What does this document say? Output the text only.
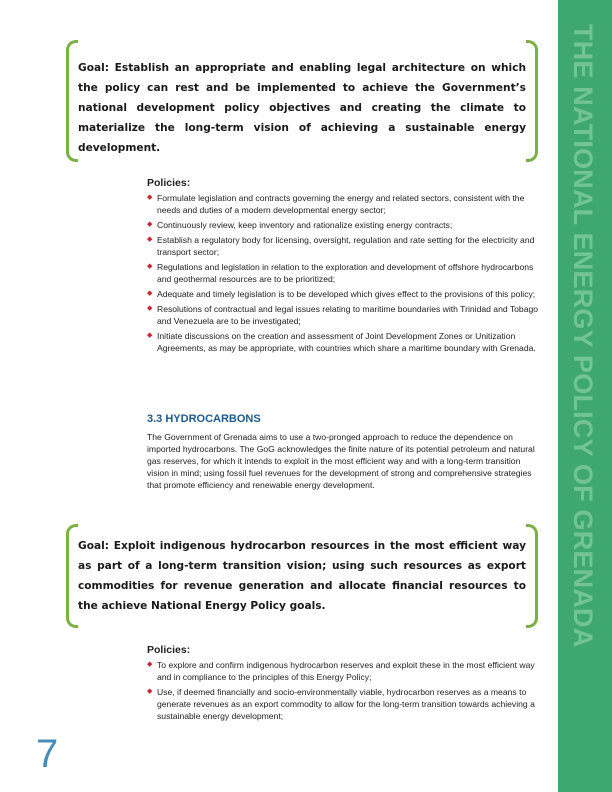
THE NATIONAL ENERGY POLICY OF GRENADA

Goal: Establish an appropriate and enabling legal architecture on which the policy can rest and be implemented to achieve the Government’s national development policy objectives and creating the climate to materialize the long-term vision of achieving a sustainable energy development.

Policies:
◆ Formulate legislation and contracts governing the energy and related sectors, consistent with the needs and duties of a modern developmental energy sector;
◆ Continuously review, keep inventory and rationalize existing energy contracts;
◆ Establish a regulatory body for licensing, oversight, regulation and rate setting for the electricity and transport sector;
◆ Regulations and legislation in relation to the exploration and development of offshore hydrocarbons and geothermal resources are to be prioritized;
◆ Adequate and timely legislation is to be developed which gives effect to the provisions of this policy;
◆ Resolutions of contractual and legal issues relating to maritime boundaries with Trinidad and Tobago and Venezuela are to be investigated;
◆ Initiate discussions on the creation and assessment of Joint Development Zones or Unitization Agreements, as may be appropriate, with countries which share a maritime boundary with Grenada.
3.3 HYDROCARBONS

The Government of Grenada aims to use a two-pronged approach to reduce the dependence on imported hydrocarbons. The GoG acknowledges the finite nature of its potential petroleum and natural gas reserves, for which it intends to exploit in the most efficient way and with a long-term transition vision in mind; using fossil fuel revenues for the development of strong and comprehensive strategies that promote efficiency and renewable energy development.

Goal: Exploit indigenous hydrocarbon resources in the most efficient way as part of a long-term transition vision; using such resources as export commodities for revenue generation and allocate financial resources to the achieve National Energy Policy goals.

Policies:
◆ To explore and confirm indigenous hydrocarbon reserves and exploit these in the most efficient way and in compliance to the principles of this Energy Policy;
◆ Use, if deemed financially and socio-environmentally viable, hydrocarbon reserves as a means to generate revenues as an export commodity to allow for the long-term transition towards achieving a sustainable energy development;
7
